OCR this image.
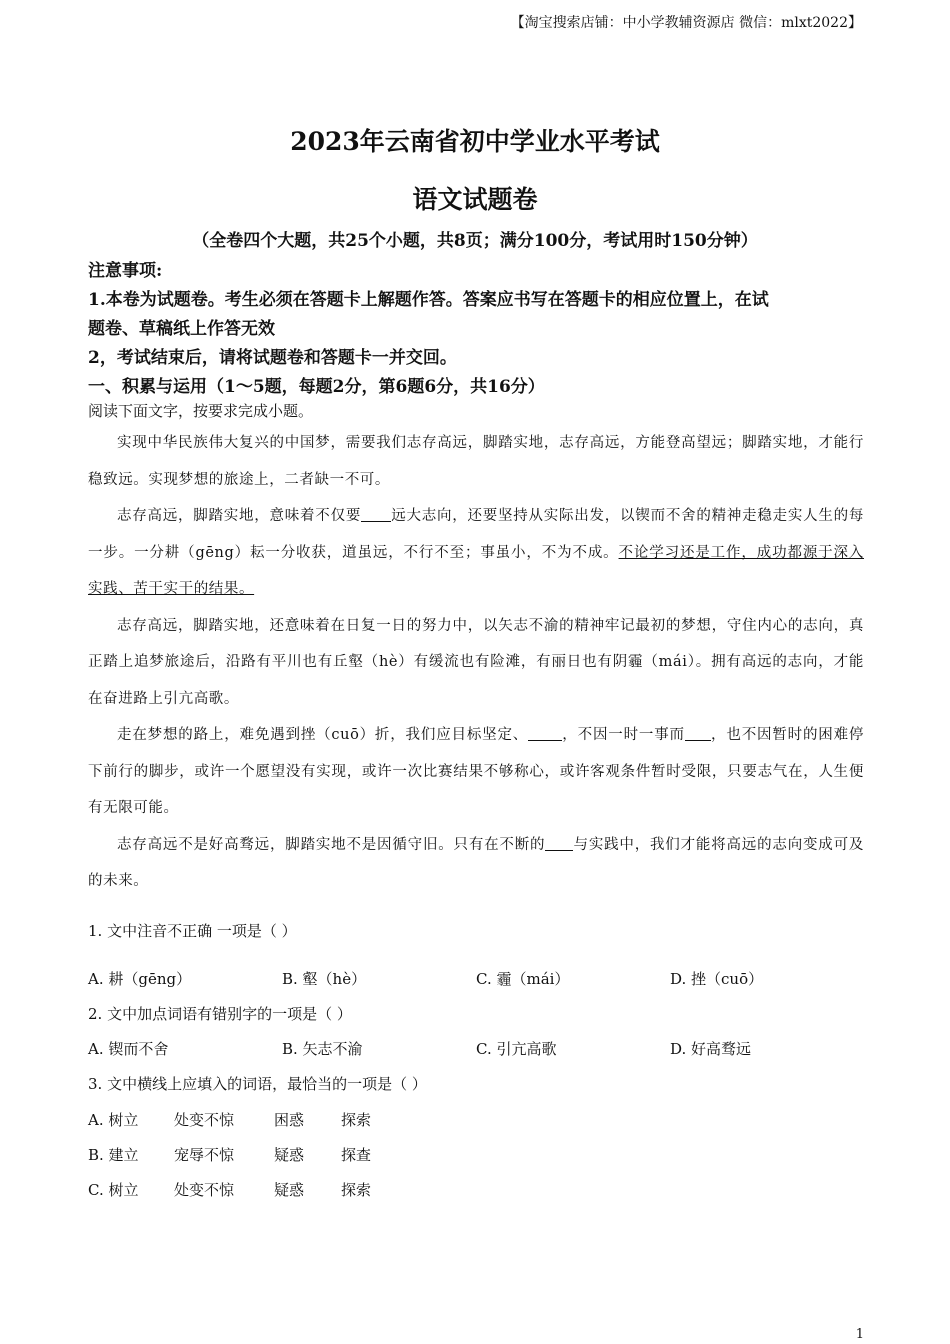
【淘宝搜索店铺：中小学教辅资源店 微信：mlxt2022】
2023年云南省初中学业水平考试
语文试题卷
（全卷四个大题，共25个小题，共8页；满分100分，考试用时150分钟）
注意事项:
1.本卷为试题卷。考生必须在答题卡上解题作答。答案应书写在答题卡的相应位置上，在试
题卷、草稿纸上作答无效
2，考试结束后，请将试题卷和答题卡一并交回。
一、积累与运用（1～5题，每题2分，第6题6分，共16分）
阅读下面文字，按要求完成小题。

实现中华民族伟大复兴的中国梦，需要我们志存高远，脚踏实地，志存高远，方能登高望远；脚踏实地，才能行稳致远。实现梦想的旅途上，二者缺一不可。

志存高远，脚踏实地，意味着不仅要 远大志向，还要坚持从实际出发，以锲而不舍的精神走稳走实人生的每一步。一分耕（gēng）耘一分收获，道虽远，不行不至；事虽小，不为不成。不论学习还是工作，成功都源于深入实践、苦干实干的结果。

志存高远，脚踏实地，还意味着在日复一日的努力中，以矢志不渝的精神牢记最初的梦想，守住内心的志向，真正踏上追梦旅途后，沿路有平川也有丘壑（hè）有缓流也有险滩，有丽日也有阴霾（mái）。拥有高远的志向，才能在奋进路上引亢高歌。

走在梦想的路上，难免遇到挫（cuō）折，我们应目标坚定、 ，不因一时一事而 ，也不因暂时的困难停下前行的脚步，或许一个愿望没有实现，或许一次比赛结果不够称心，或许客观条件暂时受限，只要志气在，人生便有无限可能。

志存高远不是好高骛远，脚踏实地不是因循守旧。只有在不断的 与实践中，我们才能将高远的志向变成可及的未来。

1. 文中注音不正确 一项是（ ）
A. 耕（gēng）	B. 壑（hè）	C. 霾（mái）	D. 挫（cuō）
2. 文中加点词语有错别字的一项是（ ）
A. 锲而不舍	B. 矢志不渝	C. 引亢高歌	D. 好高骛远
3. 文中横线上应填入的词语，最恰当的一项是（ ）
A. 树立 处变不惊	困惑 探索
B. 建立 宠辱不惊	疑惑 探查
C. 树立 处变不惊	疑惑 探索
1
